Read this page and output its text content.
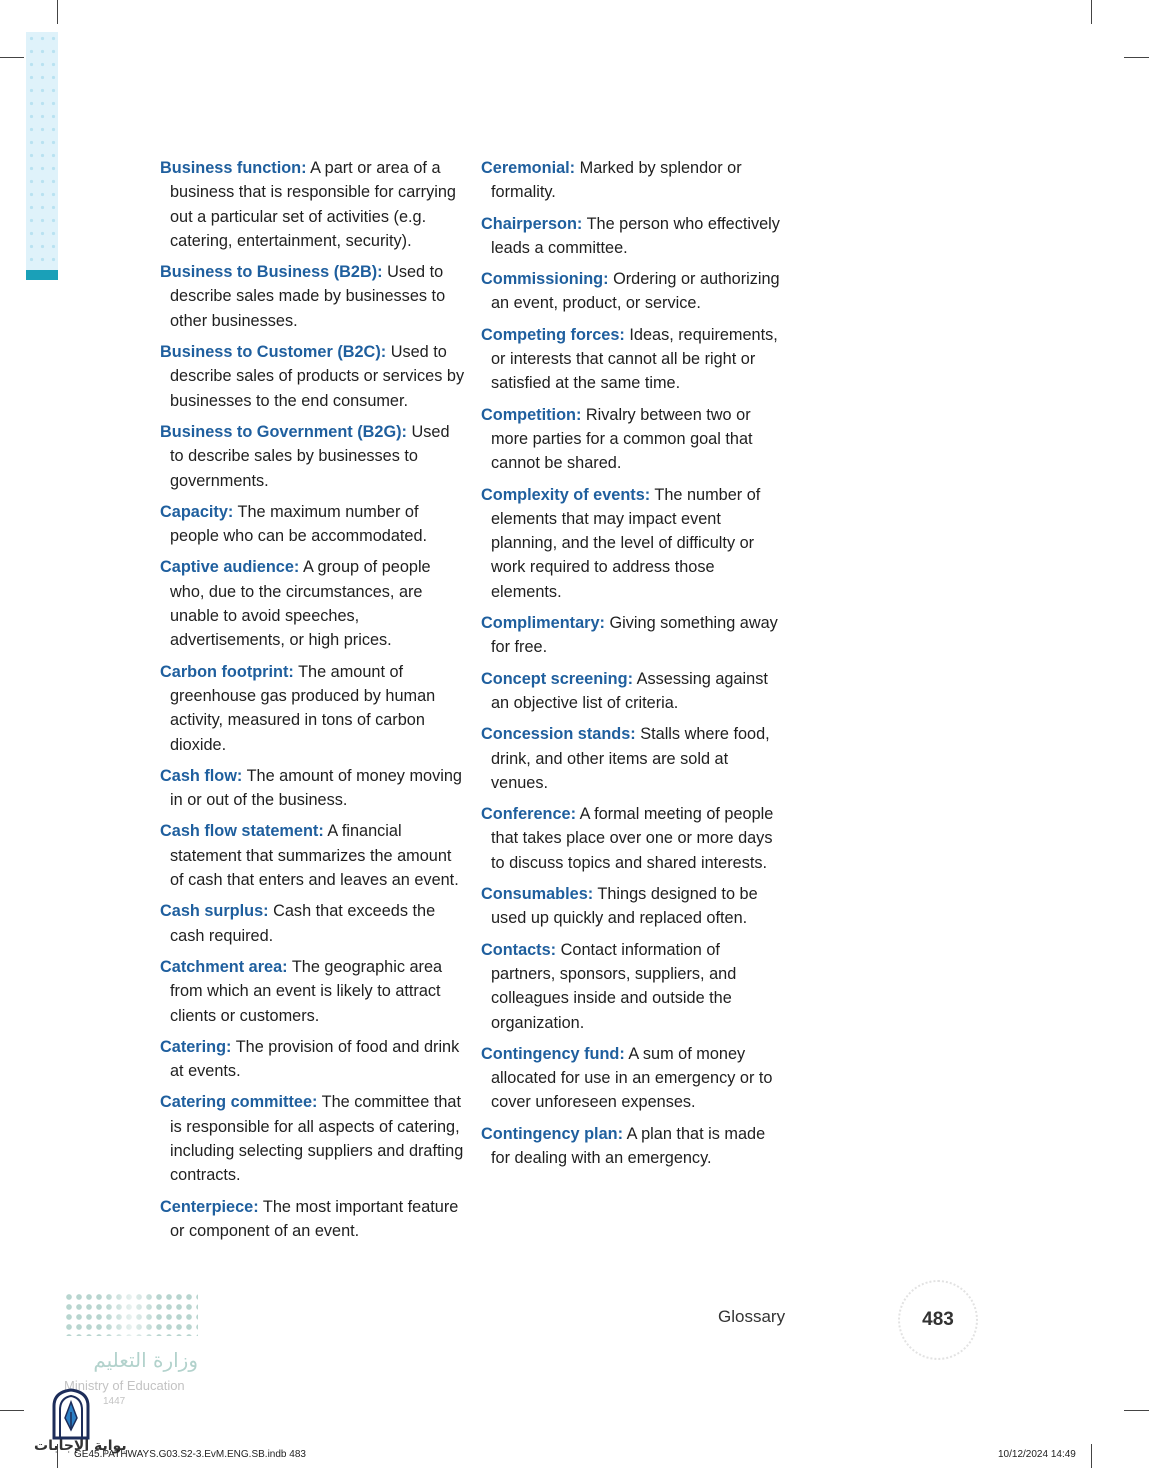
Business function: A part or area of a business that is responsible for carrying out a particular set of activities (e.g. catering, entertainment, security).

Business to Business (B2B): Used to describe sales made by businesses to other businesses.

Business to Customer (B2C): Used to describe sales of products or services by businesses to the end consumer.

Business to Government (B2G): Used to describe sales by businesses to governments.

Capacity: The maximum number of people who can be accommodated.

Captive audience: A group of people who, due to the circumstances, are unable to avoid speeches, advertisements, or high prices.

Carbon footprint: The amount of greenhouse gas produced by human activity, measured in tons of carbon dioxide.

Cash flow: The amount of money moving in or out of the business.

Cash flow statement: A financial statement that summarizes the amount of cash that enters and leaves an event.

Cash surplus: Cash that exceeds the cash required.

Catchment area: The geographic area from which an event is likely to attract clients or customers.

Catering: The provision of food and drink at events.

Catering committee: The committee that is responsible for all aspects of catering, including selecting suppliers and drafting contracts.

Centerpiece: The most important feature or component of an event.

Ceremonial: Marked by splendor or formality.

Chairperson: The person who effectively leads a committee.

Commissioning: Ordering or authorizing an event, product, or service.

Competing forces: Ideas, requirements, or interests that cannot all be right or satisfied at the same time.

Competition: Rivalry between two or more parties for a common goal that cannot be shared.

Complexity of events: The number of elements that may impact event planning, and the level of difficulty or work required to address those elements.

Complimentary: Giving something away for free.

Concept screening: Assessing against an objective list of criteria.

Concession stands: Stalls where food, drink, and other items are sold at venues.

Conference: A formal meeting of people that takes place over one or more days to discuss topics and shared interests.

Consumables: Things designed to be used up quickly and replaced often.

Contacts: Contact information of partners, sponsors, suppliers, and colleagues inside and outside the organization.

Contingency fund: A sum of money allocated for use in an emergency or to cover unforeseen expenses.

Contingency plan: A plan that is made for dealing with an emergency.

Glossary	483
وزارة التعليم
Ministry of Education
1447
بوابة الإجابات
GE45.PATHWAYS.G03.S2-3.EvM.ENG.SB.indb 483	10/12/2024 14:49
